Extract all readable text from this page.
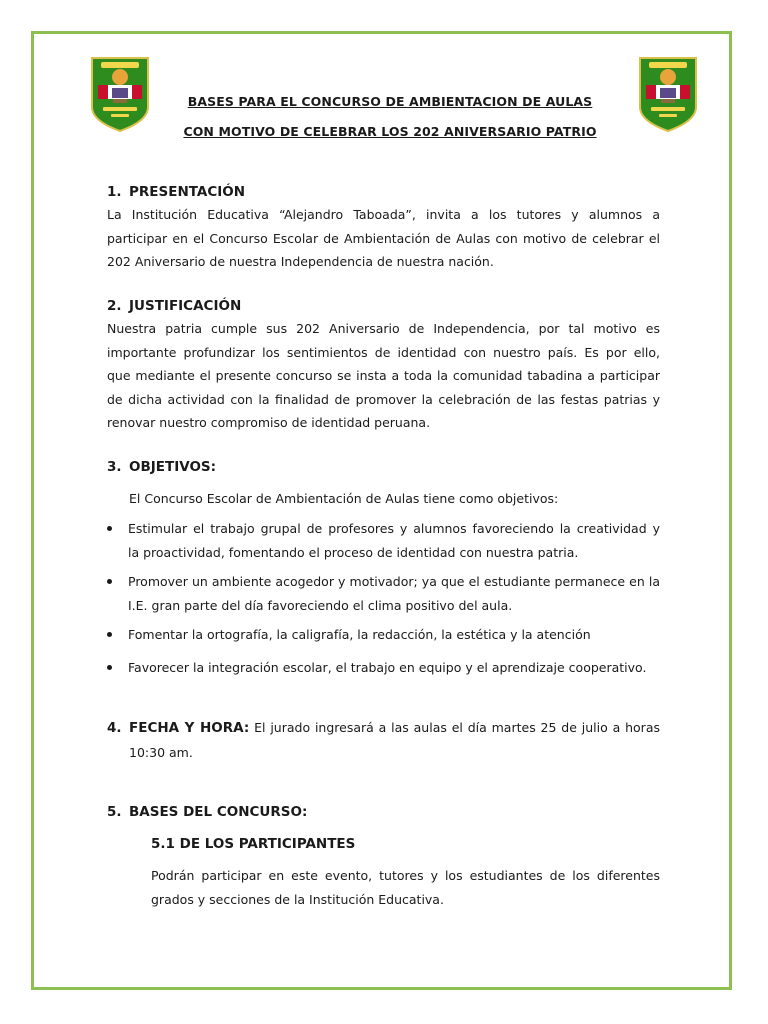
BASES PARA EL CONCURSO DE AMBIENTACION DE AULAS
CON MOTIVO DE CELEBRAR LOS 202 ANIVERSARIO PATRIO
1. PRESENTACIÓN
La Institución Educativa “Alejandro Taboada”, invita a los tutores y alumnos a
participar en el Concurso Escolar de Ambientación de Aulas con motivo de celebrar el
202 Aniversario de nuestra Independencia de nuestra nación.
2. JUSTIFICACIÓN
Nuestra patria cumple sus 202 Aniversario de Independencia, por tal motivo es
importante profundizar los sentimientos de identidad con nuestro país. Es por ello,
que mediante el presente concurso se insta a toda la comunidad tabadina a participar
de dicha actividad con la finalidad de promover la celebración de las festas patrias y
renovar nuestro compromiso de identidad peruana.
3. OBJETIVOS:
El Concurso Escolar de Ambientación de Aulas tiene como objetivos:
Estimular el trabajo grupal de profesores y alumnos favoreciendo la creatividad y
la proactividad, fomentando el proceso de identidad con nuestra patria.
Promover un ambiente acogedor y motivador; ya que el estudiante permanece en la
I.E. gran parte del día favoreciendo el clima positivo del aula.
Fomentar la ortografía, la caligrafía, la redacción, la estética y la atención
Favorecer la integración escolar, el trabajo en equipo y el aprendizaje cooperativo.
4. FECHA Y HORA: El jurado ingresará a las aulas el día martes 25 de julio a horas
10:30 am.
5. BASES DEL CONCURSO:
5.1 DE LOS PARTICIPANTES
Podrán participar en este evento, tutores y los estudiantes de los diferentes
grados y secciones de la Institución Educativa.
